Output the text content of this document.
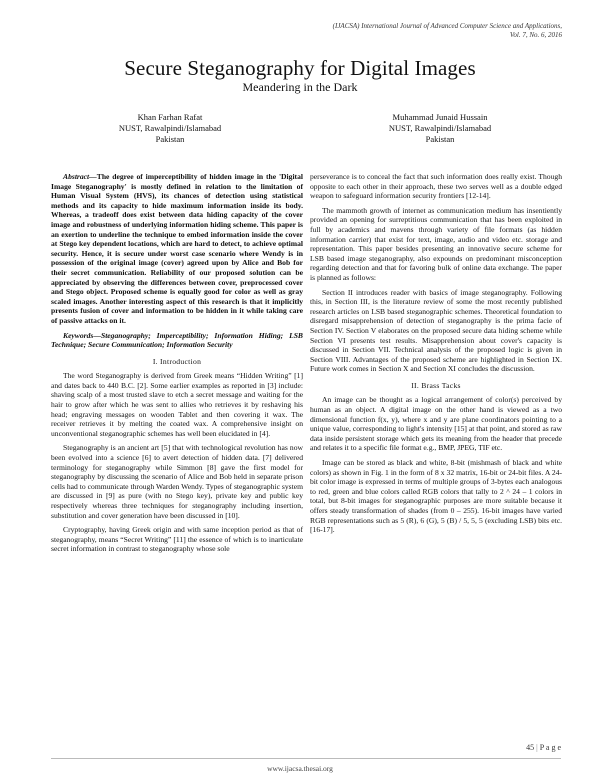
(IJACSA) International Journal of Advanced Computer Science and Applications,
Vol. 7, No. 6, 2016
Secure Steganography for Digital Images
Meandering in the Dark
Khan Farhan Rafat
NUST, Rawalpindi/Islamabad
Pakistan
Muhammad Junaid Hussain
NUST, Rawalpindi/Islamabad
Pakistan

Abstract—The degree of imperceptibility of hidden image in the 'Digital Image Steganography' is mostly defined in relation to the limitation of Human Visual System (HVS), its chances of detection using statistical methods and its capacity to hide maximum information inside its body. Whereas, a tradeoff does exist between data hiding capacity of the cover image and robustness of underlying information hiding scheme. This paper is an exertion to underline the technique to embed information inside the cover at Stego key dependent locations, which are hard to detect, to achieve optimal security. Hence, it is secure under worst case scenario where Wendy is in possession of the original image (cover) agreed upon by Alice and Bob for their secret communication. Reliability of our proposed solution can be appreciated by observing the differences between cover, preprocessed cover and Stego object. Proposed scheme is equally good for color as well as gray scaled images. Another interesting aspect of this research is that it implicitly presents fusion of cover and information to be hidden in it while taking care of passive attacks on it.

Keywords—Steganography; Imperceptibility; Information Hiding; LSB Technique; Secure Communication; Information Security

I. Introduction

The word Steganography is derived from Greek means “Hidden Writing” [1] and dates back to 440 B.C. [2]. Some earlier examples as reported in [3] include: shaving scalp of a most trusted slave to etch a secret message and waiting for the hair to grow after which he was sent to allies who retrieves it by reshaving his head; engraving messages on wooden Tablet and then covering it wax. The receiver retrieves it by melting the coated wax. A comprehensive insight on unconventional steganographic schemes has well been elucidated in [4].

Steganography is an ancient art [5] that with technological revolution has now been evolved into a science [6] to avert detection of hidden data. [7] delivered terminology for steganography while Simmon [8] gave the first model for steganography by discussing the scenario of Alice and Bob held in separate prison cells had to communicate through Warden Wendy. Types of steganographic system are discussed in [9] as pure (with no Stego key), private key and public key respectively whereas three techniques for steganography including insertion, substitution and cover generation have been discussed in [10].

Cryptography, having Greek origin and with same inception period as that of steganography, means “Secret Writing” [11] the essence of which is to inarticulate secret information in contrast to steganography whose sole

perseverance is to conceal the fact that such information does really exist. Though opposite to each other in their approach, these two serves well as a double edged weapon to safeguard information security frontiers [12-14].

The mammoth growth of internet as communication medium has insentiently provided an opening for surreptitious communication that has been exploited in full by academics and mavens through variety of file formats (as hidden information carrier) that exist for text, image, audio and video etc. storage and representation. This paper besides presenting an innovative secure scheme for LSB based image steganography, also expounds on predominant misconception regarding detection and that for favoring bulk of online data exchange. The paper is planned as follows:

Section II introduces reader with basics of image steganography. Following this, in Section III, is the literature review of some the most recently published research articles on LSB based steganographic schemes. Theoretical foundation to disregard misapprehension of detection of steganography is the prima facie of Section IV. Section V elaborates on the proposed secure data hiding scheme while Section VI presents test results. Misapprehension about cover's capacity is discussed in Section VII. Technical analysis of the proposed logic is given in Section VIII. Advantages of the proposed scheme are highlighted in Section IX. Future work comes in Section X and Section XI concludes the discussion.

II. Brass Tacks

An image can be thought as a logical arrangement of color(s) perceived by human as an object. A digital image on the other hand is viewed as a two dimensional function f(x, y), where x and y are plane coordinators pointing to a unique value, corresponding to light's intensity [15] at that point, and stored as raw data inside persistent storage which gets its meaning from the header that precede and relates it to a specific file format e.g., BMP, JPEG, TIF etc.

Image can be stored as black and white, 8-bit (mishmash of black and white colors) as shown in Fig. 1 in the form of 8 x 32 matrix, 16-bit or 24-bit files. A 24-bit color image is expressed in terms of multiple groups of 3-bytes each analogous to red, green and blue colors called RGB colors that tally to 2 ^ 24 – 1 colors in total, but 8-bit images for steganographic purposes are more suitable because it offers steady transformation of shades (from 0 – 255). 16-bit images have varied RGB representations such as 5 (R), 6 (G), 5 (B) / 5, 5, 5 (excluding LSB) bits etc. [16-17].

45 | P a g e
www.ijacsa.thesai.org
